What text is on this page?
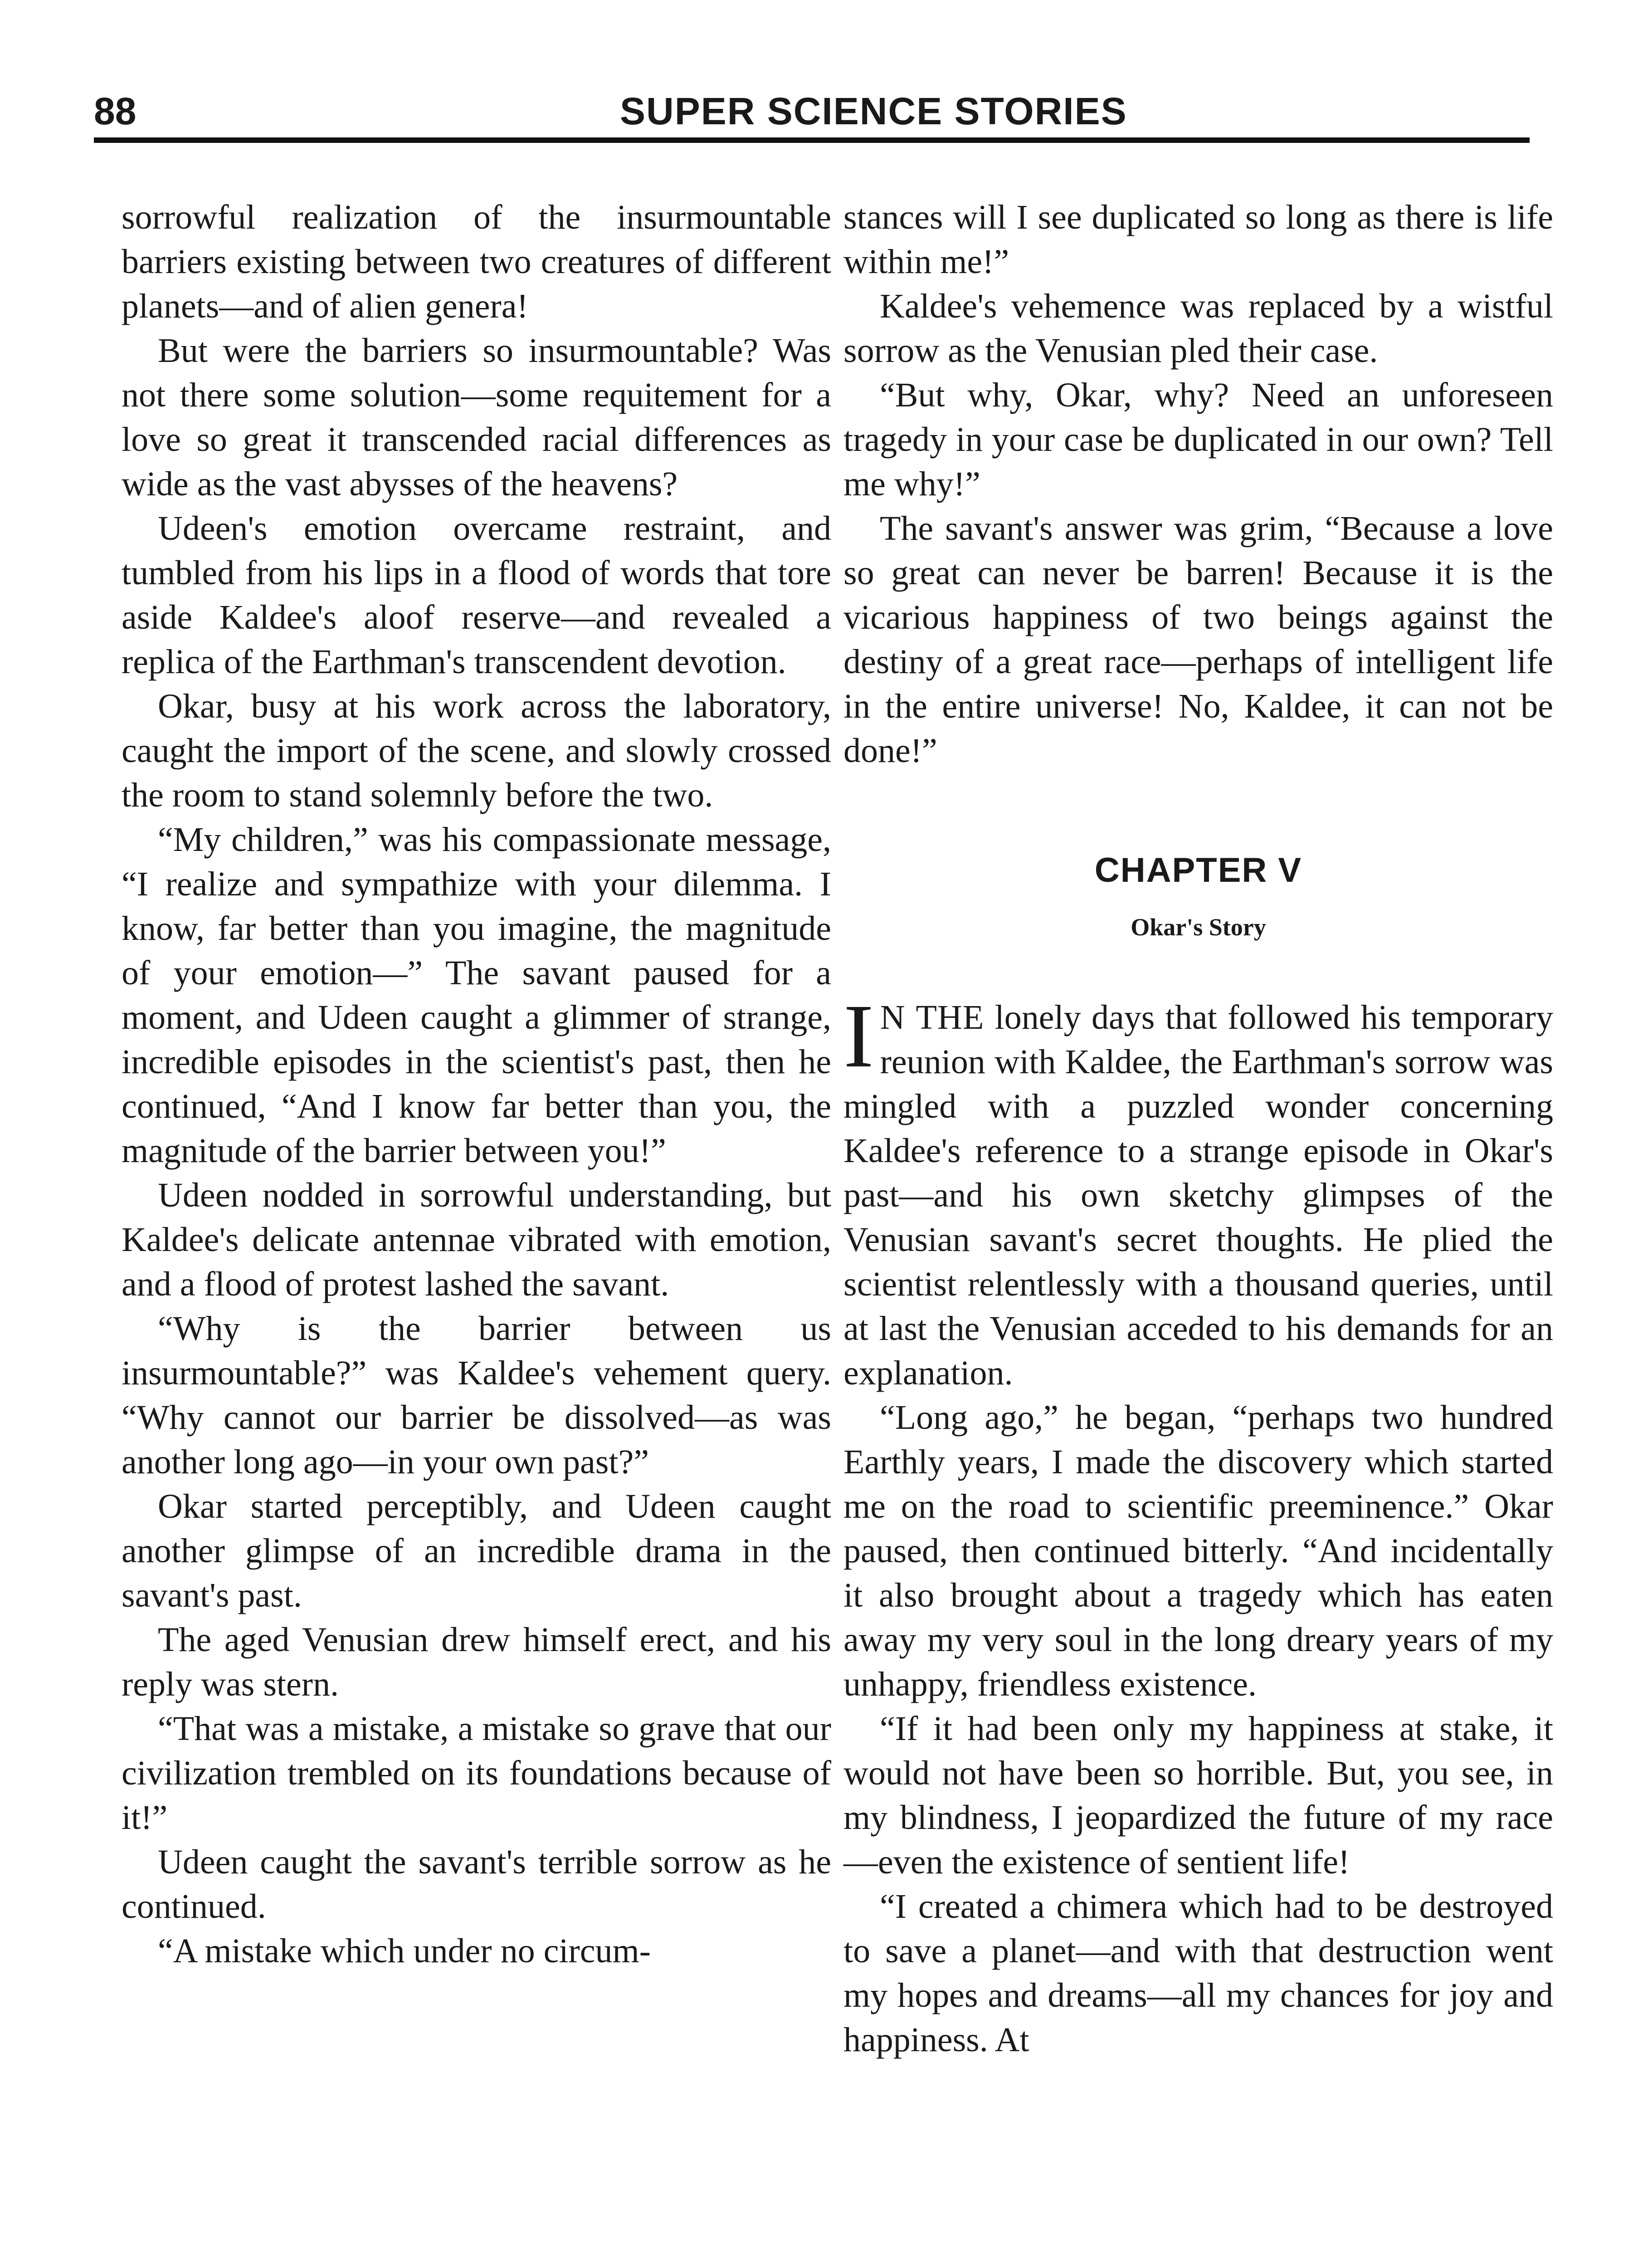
88	SUPER SCIENCE STORIES

sorrowful realization of the insurmountable barriers existing between two creatures of different planets—and of alien genera!

But were the barriers so insurmountable? Was not there some solution—some requitement for a love so great it transcended racial differences as wide as the vast abysses of the heavens?

Udeen's emotion overcame restraint, and tumbled from his lips in a flood of words that tore aside Kaldee's aloof reserve—and revealed a replica of the Earthman's transcendent devotion.

Okar, busy at his work across the laboratory, caught the import of the scene, and slowly crossed the room to stand solemnly before the two.

“My children,” was his compassionate message, “I realize and sympathize with your dilemma. I know, far better than you imagine, the magnitude of your emotion—” The savant paused for a moment, and Udeen caught a glimmer of strange, incredible episodes in the scientist's past, then he continued, “And I know far better than you, the magnitude of the barrier between you!”

Udeen nodded in sorrowful understanding, but Kaldee's delicate antennae vibrated with emotion, and a flood of protest lashed the savant.

“Why is the barrier between us insurmountable?” was Kaldee's vehement query. “Why cannot our barrier be dissolved—as was another long ago—in your own past?”

Okar started perceptibly, and Udeen caught another glimpse of an incredible drama in the savant's past.

The aged Venusian drew himself erect, and his reply was stern.

“That was a mistake, a mistake so grave that our civilization trembled on its foundations because of it!”

Udeen caught the savant's terrible sorrow as he continued.

“A mistake which under no circum-

stances will I see duplicated so long as there is life within me!”

Kaldee's vehemence was replaced by a wistful sorrow as the Venusian pled their case.

“But why, Okar, why? Need an unforeseen tragedy in your case be duplicated in our own? Tell me why!”

The savant's answer was grim, “Because a love so great can never be barren! Because it is the vicarious happiness of two beings against the destiny of a great race—perhaps of intelligent life in the entire universe! No, Kaldee, it can not be done!”

CHAPTER V
Okar's Story

I N THE lonely days that followed his temporary reunion with Kaldee, the Earthman's sorrow was mingled with a puzzled wonder concerning Kaldee's reference to a strange episode in Okar's past—and his own sketchy glimpses of the Venusian savant's secret thoughts. He plied the scientist relentlessly with a thousand queries, until at last the Venusian acceded to his demands for an explanation.

“Long ago,” he began, “perhaps two hundred Earthly years, I made the discovery which started me on the road to scientific preeminence.” Okar paused, then continued bitterly. “And incidentally it also brought about a tragedy which has eaten away my very soul in the long dreary years of my unhappy, friendless existence.

“If it had been only my happiness at stake, it would not have been so horrible. But, you see, in my blindness, I jeopardized the future of my race—even the existence of sentient life!

“I created a chimera which had to be destroyed to save a planet—and with that destruction went my hopes and dreams—all my chances for joy and happiness. At
